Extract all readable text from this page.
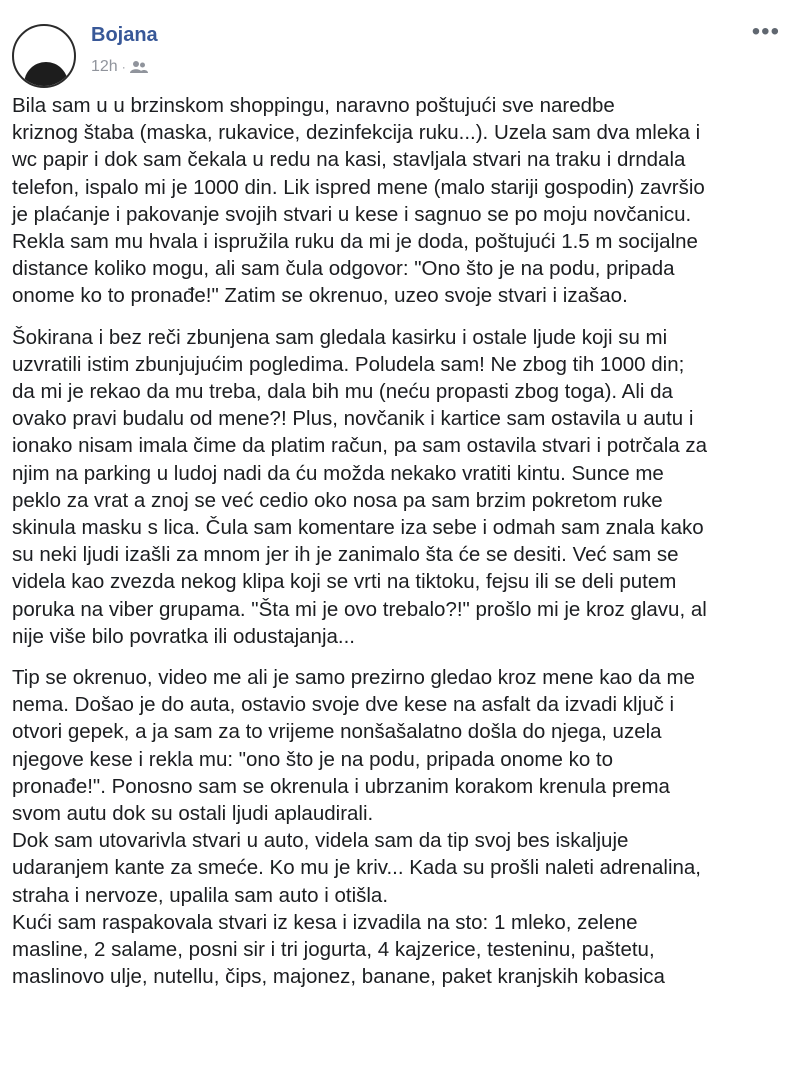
Bojana
12h ·
•••

Bila sam u u brzinskom shoppingu, naravno poštujući sve naredbe
kriznog štaba (maska, rukavice, dezinfekcija ruku...). Uzela sam dva mleka i
wc papir i dok sam čekala u redu na kasi, stavljala stvari na traku i drndala
telefon, ispalo mi je 1000 din. Lik ispred mene (malo stariji gospodin) završio
je plaćanje i pakovanje svojih stvari u kese i sagnuo se po moju novčanicu.
Rekla sam mu hvala i ispružila ruku da mi je doda, poštujući 1.5 m socijalne
distance koliko mogu, ali sam čula odgovor: "Ono što je na podu, pripada
onome ko to pronađe!" Zatim se okrenuo, uzeo svoje stvari i izašao.

Šokirana i bez reči zbunjena sam gledala kasirku i ostale ljude koji su mi
uzvratili istim zbunjujućim pogledima. Poludela sam! Ne zbog tih 1000 din;
da mi je rekao da mu treba, dala bih mu (neću propasti zbog toga). Ali da
ovako pravi budalu od mene?! Plus, novčanik i kartice sam ostavila u autu i
ionako nisam imala čime da platim račun, pa sam ostavila stvari i potrčala za
njim na parking u ludoj nadi da ću možda nekako vratiti kintu. Sunce me
peklo za vrat a znoj se već cedio oko nosa pa sam brzim pokretom ruke
skinula masku s lica. Čula sam komentare iza sebe i odmah sam znala kako
su neki ljudi izašli za mnom jer ih je zanimalo šta će se desiti. Već sam se
videla kao zvezda nekog klipa koji se vrti na tiktoku, fejsu ili se deli putem
poruka na viber grupama. "Šta mi je ovo trebalo?!" prošlo mi je kroz glavu, al
nije više bilo povratka ili odustajanja...

Tip se okrenuo, video me ali je samo prezirno gledao kroz mene kao da me
nema. Došao je do auta, ostavio svoje dve kese na asfalt da izvadi ključ i
otvori gepek, a ja sam za to vrijeme nonšašalatno došla do njega, uzela
njegove kese i rekla mu: "ono što je na podu, pripada onome ko to
pronađe!". Ponosno sam se okrenula i ubrzanim korakom krenula prema
svom autu dok su ostali ljudi aplaudirali.

Dok sam utovarivla stvari u auto, videla sam da tip svoj bes iskaljuje
udaranjem kante za smeće. Ko mu je kriv... Kada su prošli naleti adrenalina,
straha i nervoze, upalila sam auto i otišla.

Kući sam raspakovala stvari iz kesa i izvadila na sto: 1 mleko, zelene
masline, 2 salame, posni sir i tri jogurta, 4 kajzerice, testeninu, paštetu,
maslinovo ulje, nutellu, čips, majonez, banane, paket kranjskih kobasica
